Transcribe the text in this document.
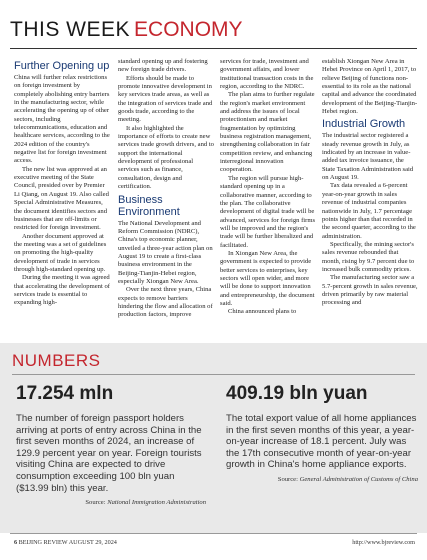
THIS WEEK ECONOMY
Further Opening up

China will further relax restrictions on foreign investment by completely abolishing entry barriers in the manufacturing sector, while accelerating the opening up of other sectors, including telecommunications, education and healthcare services, according to the 2024 edition of the country's negative list for foreign investment access.

The new list was approved at an executive meeting of the State Council, presided over by Premier Li Qiang, on August 19. Also called Special Administrative Measures, the document identifies sectors and businesses that are off-limits or restricted for foreign investment.

Another document approved at the meeting was a set of guidelines on promoting the high-quality development of trade in services through high-standard opening up.

During the meeting it was agreed that accelerating the development of services trade is essential to expanding high-

standard opening up and fostering new foreign trade drivers.

Efforts should be made to promote innovative development in key services trade areas, as well as the integration of services trade and goods trade, according to the meeting.

It also highlighted the importance of efforts to create new services trade growth drivers, and to support the international development of professional services such as finance, consultation, design and certification.

Business Environment

The National Development and Reform Commission (NDRC), China's top economic planner, unveiled a three-year action plan on August 19 to create a first-class business environment in the Beijing-Tianjin-Hebei region, especially Xiongan New Area.

Over the next three years, China expects to remove barriers hindering the flow and allocation of production factors, improve

services for trade, investment and government affairs, and lower institutional transaction costs in the region, according to the NDRC.

The plan aims to further regulate the region's market environment and address the issues of local protectionism and market fragmentation by optimizing business registration management, strengthening collaboration in fair competition review, and enhancing interregional innovation cooperation.

The region will pursue high-standard opening up in a collaborative manner, according to the plan. The collaborative development of digital trade will be advanced, services for foreign firms will be improved and the region's trade will be further liberalized and facilitated.

In Xiongan New Area, the government is expected to provide better services to enterprises, key sectors will open wider, and more will be done to support innovation and entrepreneurship, the document said.

China announced plans to

establish Xiongan New Area in Hebei Province on April 1, 2017, to relieve Beijing of functions non-essential to its role as the national capital and advance the coordinated development of the Beijing-Tianjin-Hebei region.

Industrial Growth

The industrial sector registered a steady revenue growth in July, as indicated by an increase in value-added tax invoice issuance, the State Taxation Administration said on August 19.

Tax data revealed a 6-percent year-on-year growth in sales revenue of industrial companies nationwide in July, 1.7 percentage points higher than that recorded in the second quarter, according to the administration.

Specifically, the mining sector's sales revenue rebounded that month, rising by 9.7 percent due to increased bulk commodity prices.

The manufacturing sector saw a 5.7-percent growth in sales revenue, driven primarily by raw material processing and

NUMBERS
17.254 mln
The number of foreign passport holders arriving at ports of entry across China in the first seven months of 2024, an increase of 129.9 percent year on year. Foreign tourists visiting China are expected to drive consumption exceeding 100 bln yuan ($13.99 bln) this year.
Source: National Immigration Administration
409.19 bln yuan
The total export value of all home appliances in the first seven months of this year, a year-on-year increase of 18.1 percent. July was the 17th consecutive month of year-on-year growth in China's home appliance exports.
Source: General Administration of Customs of China
6 BEIJING REVIEW AUGUST 29, 2024	http://www.bjreview.com
